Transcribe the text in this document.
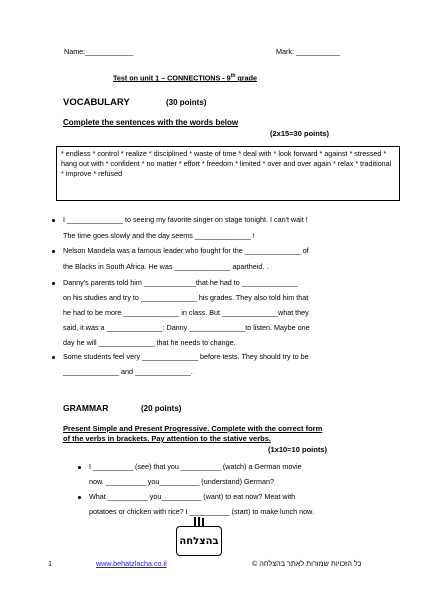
Name:____________	Mark: ___________
Test on unit 1 – CONNECTIONS - 9th grade
VOCABULARY	(30 points)
Complete the sentences with the words below
(2x15=30 points)
* endless * control * realize * disciplined * waste of time * deal with * look forward * against * stressed * hang out with * confident * no matter * effort * freedom * limited * over and over again * relax * traditional * improve * refused
I ______________ to seeing my favorite singer on stage tonight. I can't wait !
The time goes slowly and the day seems ______________ !
Nelson Mandela was a famous leader who fought for the ______________ of
the Blacks in South Africa. He was ______________ apartheid. .
Danny's parents told him _____________that he had to ______________
on his studies and try to ______________ his grades. They also told him that
he had to be more ______________ in class. But ______________what they
said, it was a ______________: Danny ______________to listen. Maybe one
day he will ______________ that he needs to change.
Some students feel very ______________ before tests. They should try to be
______________ and ______________.
GRAMMAR	(20 points)
Present Simple and Present Progressive. Complete with the correct form
of the verbs in brackets. Pay attention to the stative verbs.
(1x10=10 points)
I __________ (see) that you __________ (watch) a German movie
now. __________ you__________ (understand) German?
What __________ you__________ (want) to eat now? Meat with
potatoes or chicken with rice? I __________ (start) to make lunch now.
בהצלחה
1	www.behatzlacha.co.il	כל הזכויות שמורות לאתר בהצלחה ©
